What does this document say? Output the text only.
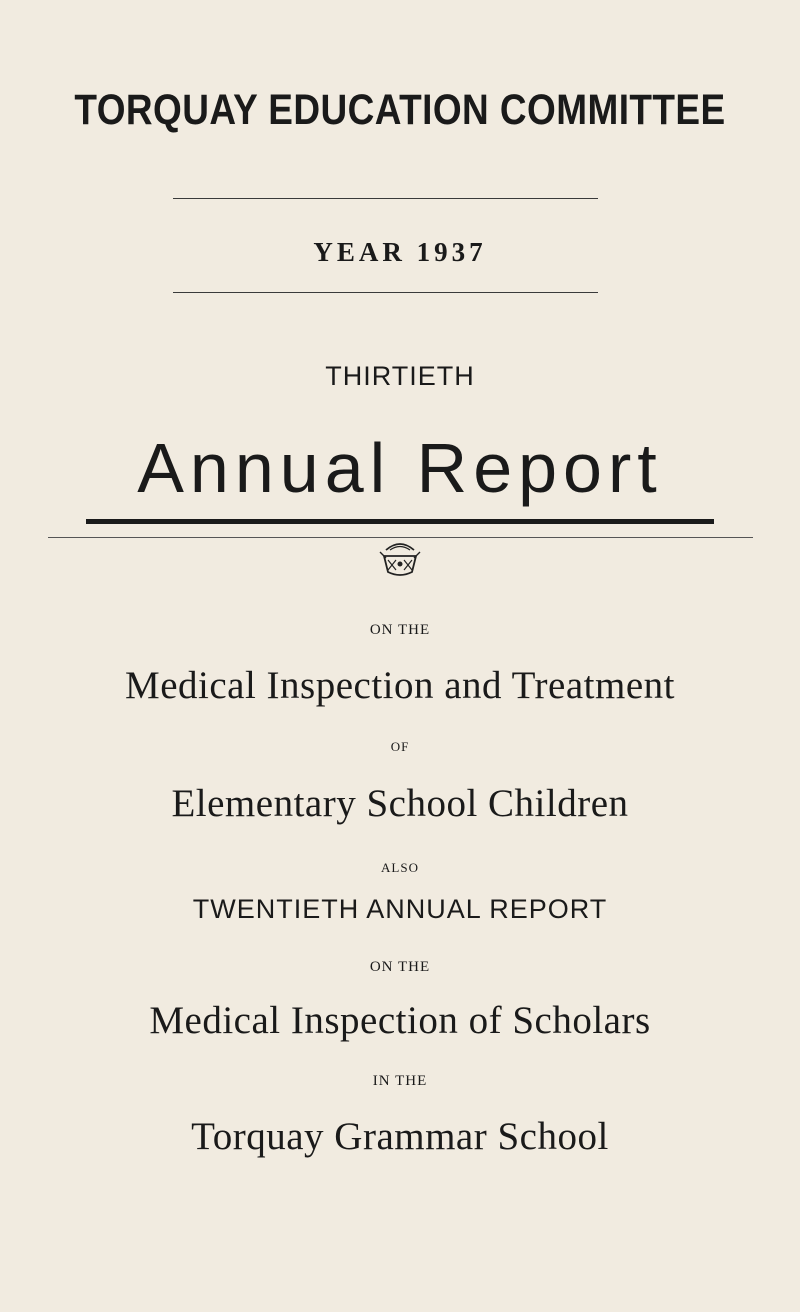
TORQUAY EDUCATION COMMITTEE
YEAR 1937
THIRTIETH
Annual Report
ON THE
Medical Inspection and Treatment
OF
Elementary School Children
ALSO
TWENTIETH ANNUAL REPORT
ON THE
Medical Inspection of Scholars
IN THE
Torquay Grammar School
